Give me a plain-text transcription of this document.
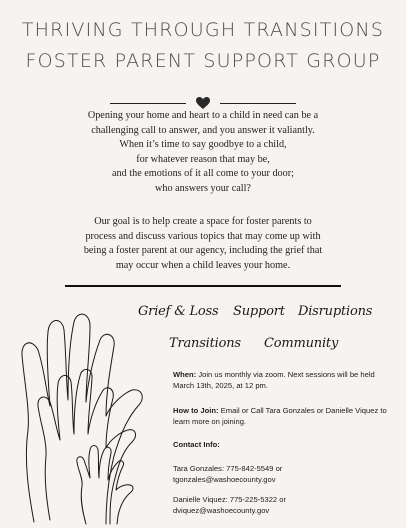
THRIVING THROUGH TRANSITIONS
FOSTER PARENT SUPPORT GROUP
Opening your home and heart to a child in need can be a
challenging call to answer, and you answer it valiantly.
When it’s time to say goodbye to a child,
for whatever reason that may be,
and the emotions of it all come to your door;
who answers your call?
Our goal is to help create a space for foster parents to
process and discuss various topics that may come up with
being a foster parent at our agency, including the grief that
may occur when a child leaves your home.
Grief & Loss Support Disruptions
Transitions Community
When: Join us monthly via zoom. Next sessions will be held March 13th, 2025, at 12 pm.
How to Join: Email or Call Tara Gonzales or Danielle Viquez to learn more on joining.
Contact Info:
Tara Gonzales: 775-842-5549 or
tgonzales@washoecounty.gov
Danielle Viquez: 775-225-5322 or
dviquez@washoecounty.gov
